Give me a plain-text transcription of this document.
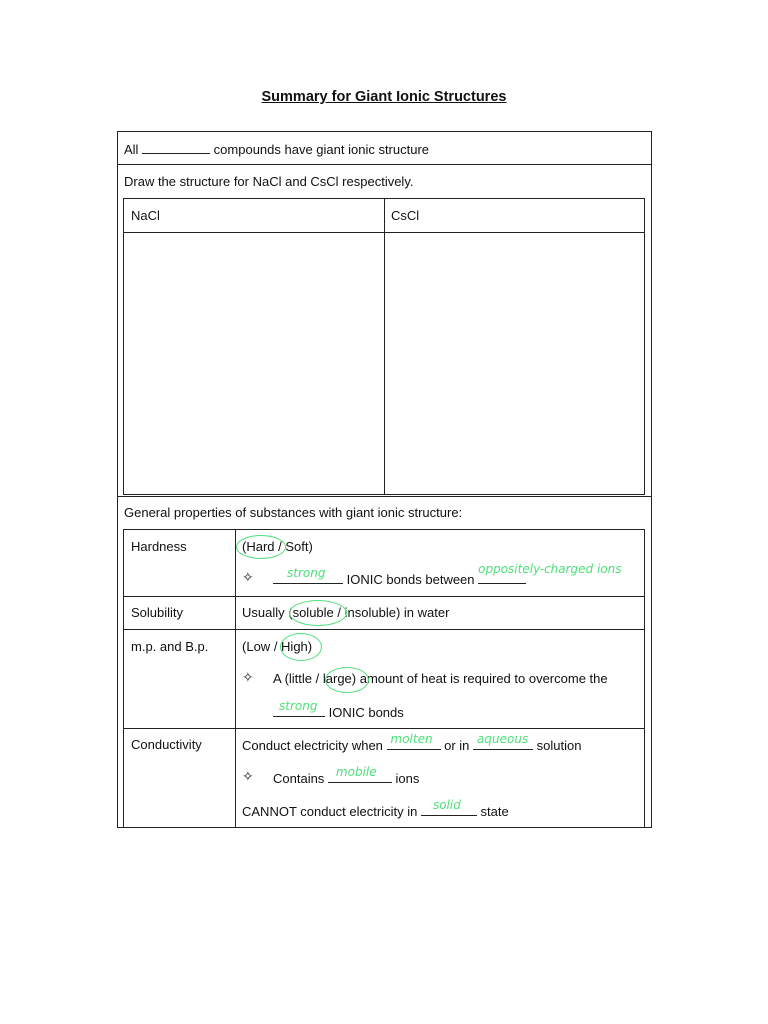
Summary for Giant Ionic Structures
All	compounds have giant ionic structure
Draw the structure for NaCl and CsCl respectively.
NaCl	CsCl
General properties of substances with giant ionic structure:
Hardness	(Hard / Soft)
✧	strong IONIC bonds between
oppositely-charged ions
Solubility	Usually (soluble / insoluble) in water
m.p. and B.p.	(Low / High)
✧ A (little / large) amount of heat is required to overcome the
strong IONIC bonds
Conductivity	Conduct electricity when molten or in aqueous solution
✧ Contains mobile ions
CANNOT conduct electricity in solid state
